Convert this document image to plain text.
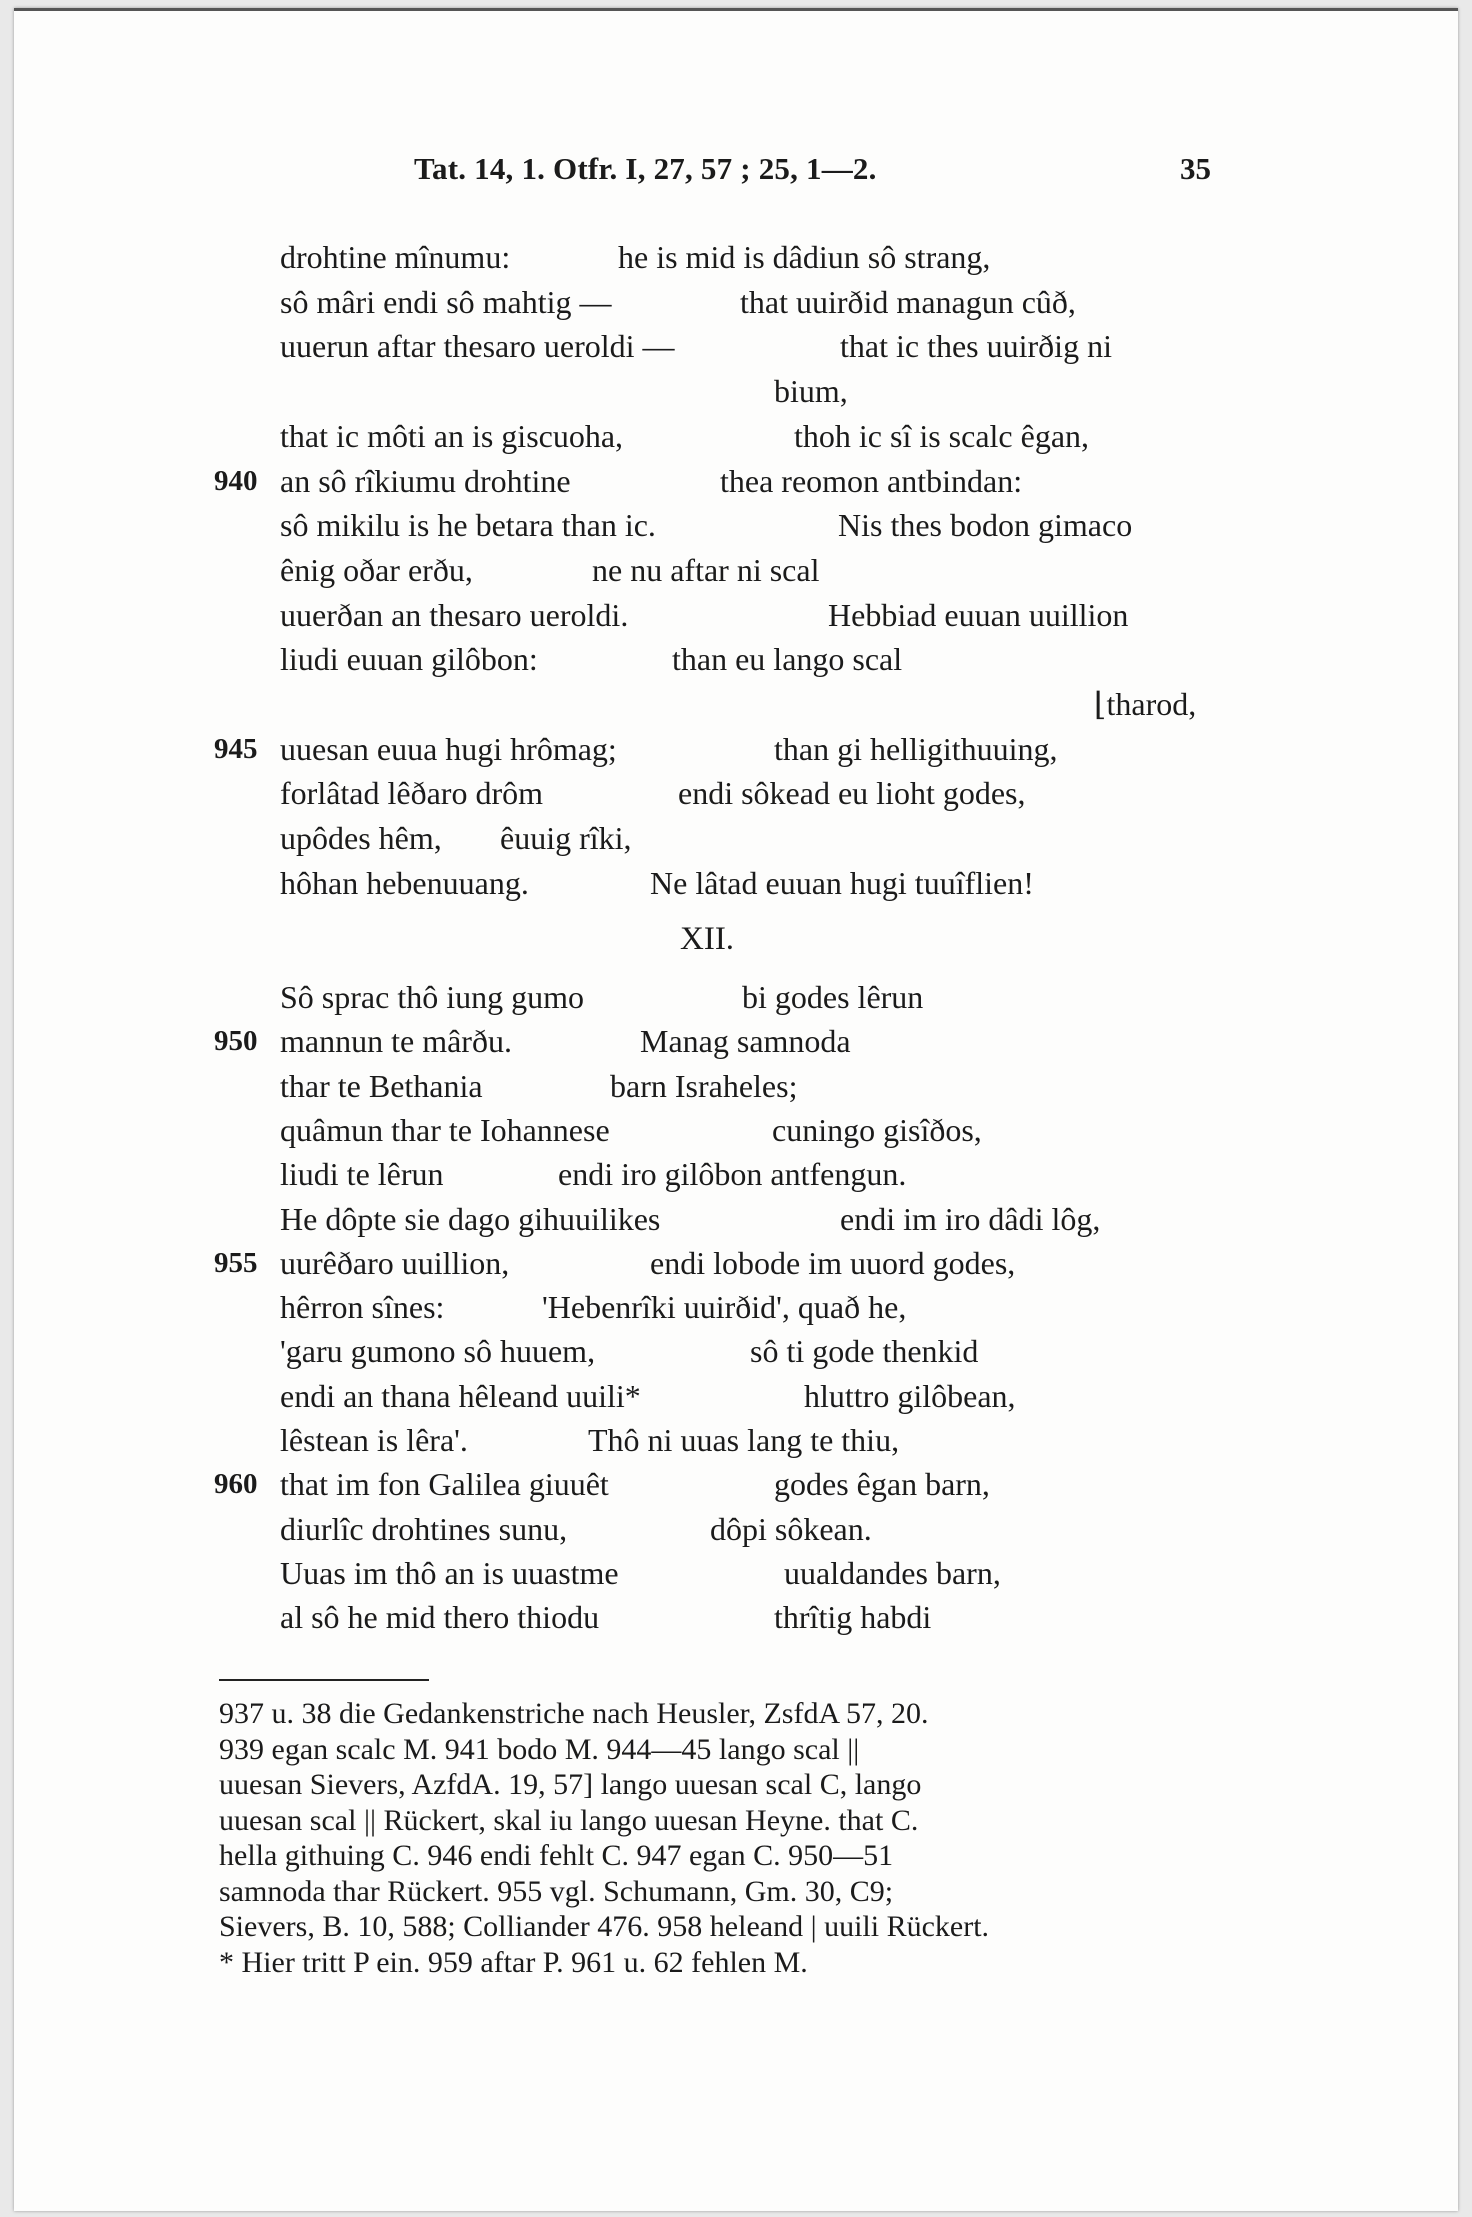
Tat. 14, 1. Otfr. I, 27, 57 ; 25, 1—2.	35
drohtine mînumu:	he is mid is dâdiun sô strang,
sô mâri endi sô mahtig —	that uuirðid managun cûð,
uuerun aftar thesaro ueroldi —	that ic thes uuirðig ni
bium,
that ic môti an is giscuoha,	thoh ic sî is scalc êgan,
940 an sô rîkiumu drohtine	thea reomon antbindan:
sô mikilu is he betara than ic.	Nis thes bodon gimaco
ênig oðar erðu,	ne nu aftar ni scal
uuerðan an thesaro ueroldi.	Hebbiad euuan uuillion
liudi euuan gilôbon:	than eu lango scal
⌊tharod,
945 uuesan euua hugi hrômag;	than gi helligithuuing,
forlâtad lêðaro drôm	endi sôkead eu lioht godes,
upôdes hêm, êuuig rîki,
hôhan hebenuuang.	Ne lâtad euuan hugi tuuîflien!
XII.
Sô sprac thô iung gumo	bi godes lêrun
950 mannun te mârðu.	Manag samnoda
thar te Bethania	barn Israheles;
quâmun thar te Iohannese	cuningo gisîðos,
liudi te lêrun	endi iro gilôbon antfengun.
He dôpte sie dago gihuuilikes	endi im iro dâdi lôg,
955 uurêðaro uuillion,	endi lobode im uuord godes,
hêrron sînes:	'Hebenrîki uuirðid', quað he,
'garu gumono sô huuem,	sô ti gode thenkid
endi an thana hêleand uuili*	hluttro gilôbean,
lêstean is lêra'.	Thô ni uuas lang te thiu,
960 that im fon Galilea giuuêt	godes êgan barn,
diurlîc drohtines sunu,	dôpi sôkean.
Uuas im thô an is uuastme	uualdandes barn,
al sô he mid thero thiodu	thrîtig habdi
937 u. 38 die Gedankenstriche nach Heusler, ZsfdA 57, 20.
939 egan scalc M. 941 bodo M. 944—45 lango scal ||
uuesan Sievers, AzfdA. 19, 57] lango uuesan scal C, lango
uuesan scal || Rückert, skal iu lango uuesan Heyne. that C.
hella githuing C. 946 endi fehlt C. 947 egan C. 950—51
samnoda thar Rückert. 955 vgl. Schumann, Gm. 30, C9;
Sievers, B. 10, 588; Colliander 476. 958 heleand | uuili Rückert.
* Hier tritt P ein. 959 aftar P. 961 u. 62 fehlen M.
